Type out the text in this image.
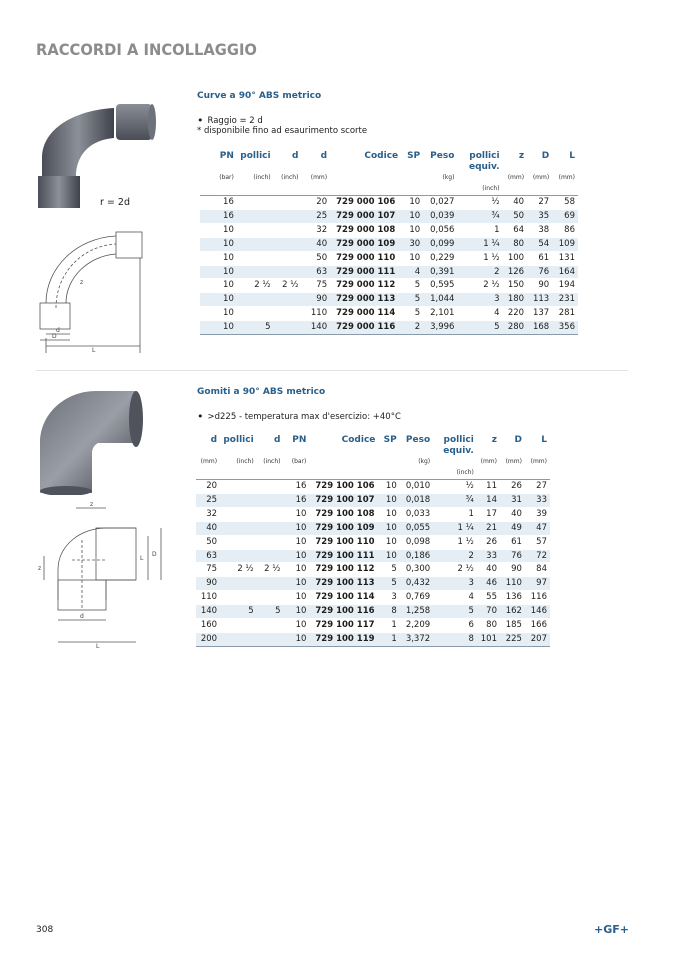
RACCORDI A INCOLLAGGIO
Curve a 90° ABS metrico
• Raggio = 2 d
* disponibile fino ad esaurimento scorte
r = 2d
d
D
L
z
PN	pollici	d	d	Codice	SP	Peso	pollici
equiv.	z	D	L
(bar)	(inch)	(inch)	(mm)			(kg)	(inch)	(mm)	(mm)	(mm)
16			20	729 000 106	10	0,027	½	40	27	58
16			25	729 000 107	10	0,039	¾	50	35	69
10			32	729 000 108	10	0,056	1	64	38	86
10			40	729 000 109	30	0,099	1 ¼	80	54	109
10			50	729 000 110	10	0,229	1 ½	100	61	131
10			63	729 000 111	4	0,391	2	126	76	164
10	2 ½	2 ½	75	729 000 112	5	0,595	2 ½	150	90	194
10			90	729 000 113	5	1,044	3	180	113	231
10			110	729 000 114	5	2,101	4	220	137	281
10	5		140	729 000 116	2	3,996	5	280	168	356
Gomiti a 90° ABS metrico
• >d225 - temperatura max d'esercizio: +40°C
z
z
d
D
L
L
d	pollici	d	PN	Codice	SP	Peso	pollici
equiv.	z	D	L
(mm)	(inch)	(inch)	(bar)			(kg)	(inch)	(mm)	(mm)	(mm)
20			16	729 100 106	10	0,010	½	11	26	27
25			16	729 100 107	10	0,018	¾	14	31	33
32			10	729 100 108	10	0,033	1	17	40	39
40			10	729 100 109	10	0,055	1 ¼	21	49	47
50			10	729 100 110	10	0,098	1 ½	26	61	57
63			10	729 100 111	10	0,186	2	33	76	72
75	2 ½	2 ½	10	729 100 112	5	0,300	2 ½	40	90	84
90			10	729 100 113	5	0,432	3	46	110	97
110			10	729 100 114	3	0,769	4	55	136	116
140	5	5	10	729 100 116	8	1,258	5	70	162	146
160			10	729 100 117	1	2,209	6	80	185	166
200			10	729 100 119	1	3,372	8	101	225	207
308	+GF+
